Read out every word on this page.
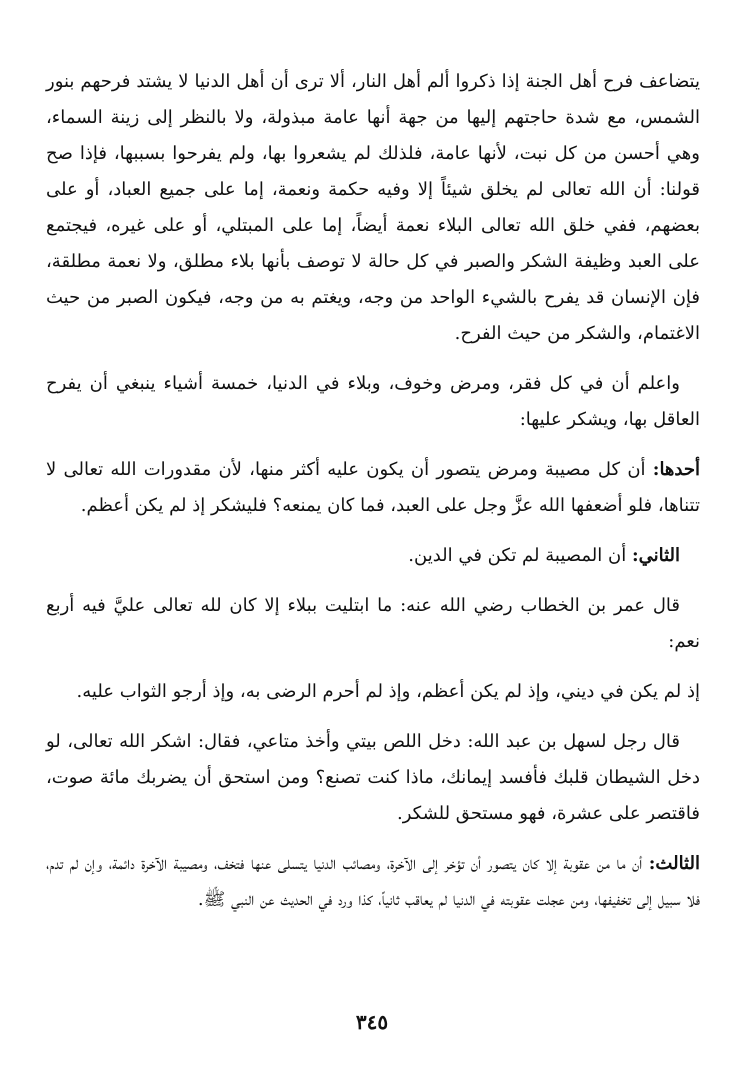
يتضاعف فرح أهل الجنة إذا ذكروا ألم أهل النار، ألا ترى أن أهل الدنيا لا يشتد فرحهم بنور الشمس، مع شدة حاجتهم إليها من جهة أنها عامة مبذولة، ولا بالنظر إلى زينة السماء، وهي أحسن من كل نبت، لأنها عامة، فلذلك لم يشعروا بها، ولم يفرحوا بسببها، فإذا صح قولنا: أن الله تعالى لم يخلق شيئاً إلا وفيه حكمة ونعمة، إما على جميع العباد، أو على بعضهم، ففي خلق الله تعالى البلاء نعمة أيضاً، إما على المبتلي، أو على غيره، فيجتمع على العبد وظيفة الشكر والصبر في كل حالة لا توصف بأنها بلاء مطلق، ولا نعمة مطلقة، فإن الإنسان قد يفرح بالشيء الواحد من وجه، ويغتم به من وجه، فيكون الصبر من حيث الاغتمام، والشكر من حيث الفرح.

واعلم أن في كل فقر، ومرض وخوف، وبلاء في الدنيا، خمسة أشياء ينبغي أن يفرح العاقل بها، ويشكر عليها:

أحدها: أن كل مصيبة ومرض يتصور أن يكون عليه أكثر منها، لأن مقدورات الله تعالى لا تتناها، فلو أضعفها الله عزَّ وجل على العبد، فما كان يمنعه؟ فليشكر إذ لم يكن أعظم.

الثاني: أن المصيبة لم تكن في الدين.

قال عمر بن الخطاب رضي الله عنه: ما ابتليت ببلاء إلا كان لله تعالى عليَّ فيه أربع نعم:

إذ لم يكن في ديني، وإذ لم يكن أعظم، وإذ لم أحرم الرضى به، وإذ أرجو الثواب عليه.

قال رجل لسهل بن عبد الله: دخل اللص بيتي وأخذ متاعي، فقال: اشكر الله تعالى، لو دخل الشيطان قلبك فأفسد إيمانك، ماذا كنت تصنع؟ ومن استحق أن يضربك مائة صوت، فاقتصر على عشرة، فهو مستحق للشكر.

الثالث: أن ما من عقوبة إلا كان يتصور أن تؤخر إلى الآخرة، ومصائب الدنيا يتسلى عنها فتخف، ومصيبة الآخرة دائمة، وإن لم تدم، فلا سبيل إلى تخفيفها، ومن عجلت عقوبته في الدنيا لم يعاقب ثانياً، كذا ورد في الحديث عن النبي ﷺ.

٣٤٥
